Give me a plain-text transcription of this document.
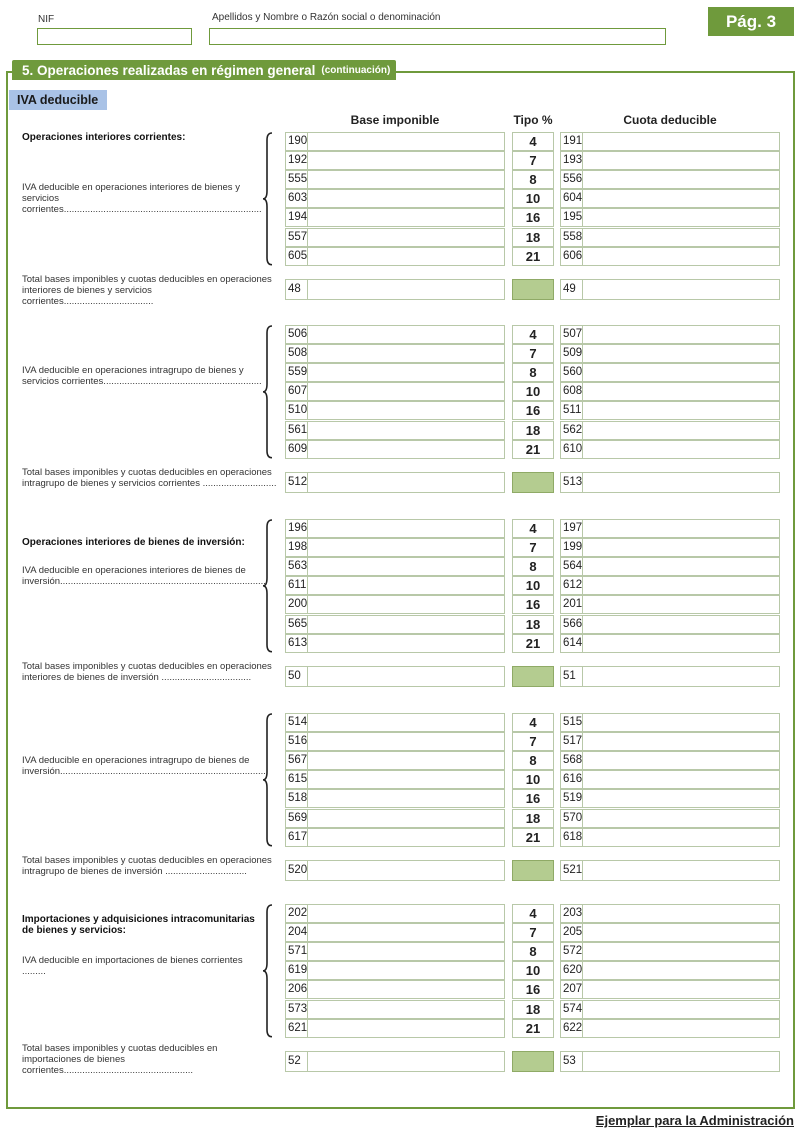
NIF	Apellidos y Nombre o Razón social o denominación	Pág. 3
5. Operaciones realizadas en régimen general (continuación)
IVA deducible
Base imponible	Tipo %	Cuota deducible
Operaciones interiores corrientes:
IVA deducible en operaciones interiores de bienes y servicios corrientes...........................................................................
190	4	191
192	7	193
555	8	556
603	10	604
194	16	195
557	18	558
605	21	606
Total bases imponibles y cuotas deducibles en operaciones interiores de bienes y servicios corrientes..................................
48	49
IVA deducible en operaciones intragrupo de bienes y servicios corrientes............................................................
506	4	507
508	7	509
559	8	560
607	10	608
510	16	511
561	18	562
609	21	610
Total bases imponibles y cuotas deducibles en operaciones intragrupo de bienes y servicios corrientes ............................ 512	513
Operaciones interiores de bienes de inversión:
IVA deducible en operaciones interiores de bienes de inversión..............................................................................
196	4	197
198	7	199
563	8	564
611	10	612
200	16	201
565	18	566
613	21	614
Total bases imponibles y cuotas deducibles en operaciones interiores de bienes de inversión ..................................	50	51
IVA deducible en operaciones intragrupo de bienes de inversión..............................................................................
514	4	515
516	7	517
567	8	568
615	10	616
518	16	519
569	18	570
617	21	618
Total bases imponibles y cuotas deducibles en operaciones intragrupo de bienes de inversión ...............................	520	521
Importaciones y adquisiciones intracomunitarias de bienes y servicios:
IVA deducible en importaciones de bienes corrientes .........
202	4	203
204	7	205
571	8	572
619	10	620
206	16	207
573	18	574
621	21	622
Total bases imponibles y cuotas deducibles en importaciones de bienes corrientes.................................................
52	53
Ejemplar para la Administración
